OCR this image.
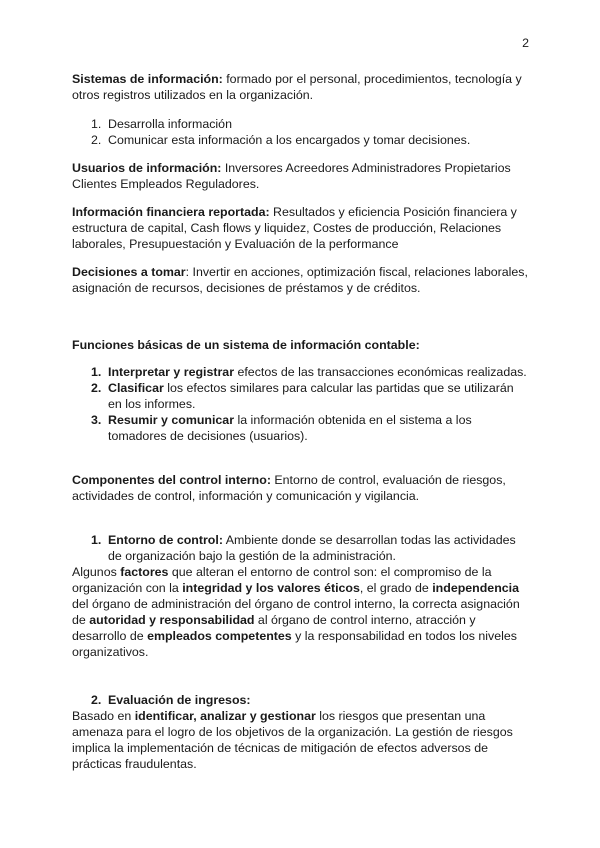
2

Sistemas de información: formado por el personal, procedimientos, tecnología y otros registros utilizados en la organización.

1. Desarrolla información
2. Comunicar esta información a los encargados y tomar decisiones.

Usuarios de información: Inversores Acreedores Administradores Propietarios Clientes Empleados Reguladores.

Información financiera reportada: Resultados y eficiencia Posición financiera y estructura de capital, Cash flows y liquidez, Costes de producción, Relaciones laborales, Presupuestación y Evaluación de la performance

Decisiones a tomar: Invertir en acciones, optimización fiscal, relaciones laborales, asignación de recursos, decisiones de préstamos y de créditos.

Funciones básicas de un sistema de información contable:

1. Interpretar y registrar efectos de las transacciones económicas realizadas.
2. Clasificar los efectos similares para calcular las partidas que se utilizarán en los informes.
3. Resumir y comunicar la información obtenida en el sistema a los tomadores de decisiones (usuarios).

Componentes del control interno: Entorno de control, evaluación de riesgos, actividades de control, información y comunicación y vigilancia.

1. Entorno de control: Ambiente donde se desarrollan todas las actividades de organización bajo la gestión de la administración.

Algunos factores que alteran el entorno de control son: el compromiso de la organización con la integridad y los valores éticos, el grado de independencia del órgano de administración del órgano de control interno, la correcta asignación de autoridad y responsabilidad al órgano de control interno, atracción y desarrollo de empleados competentes y la responsabilidad en todos los niveles organizativos.

2. Evaluación de ingresos:

Basado en identificar, analizar y gestionar los riesgos que presentan una amenaza para el logro de los objetivos de la organización. La gestión de riesgos implica la implementación de técnicas de mitigación de efectos adversos de prácticas fraudulentas.
